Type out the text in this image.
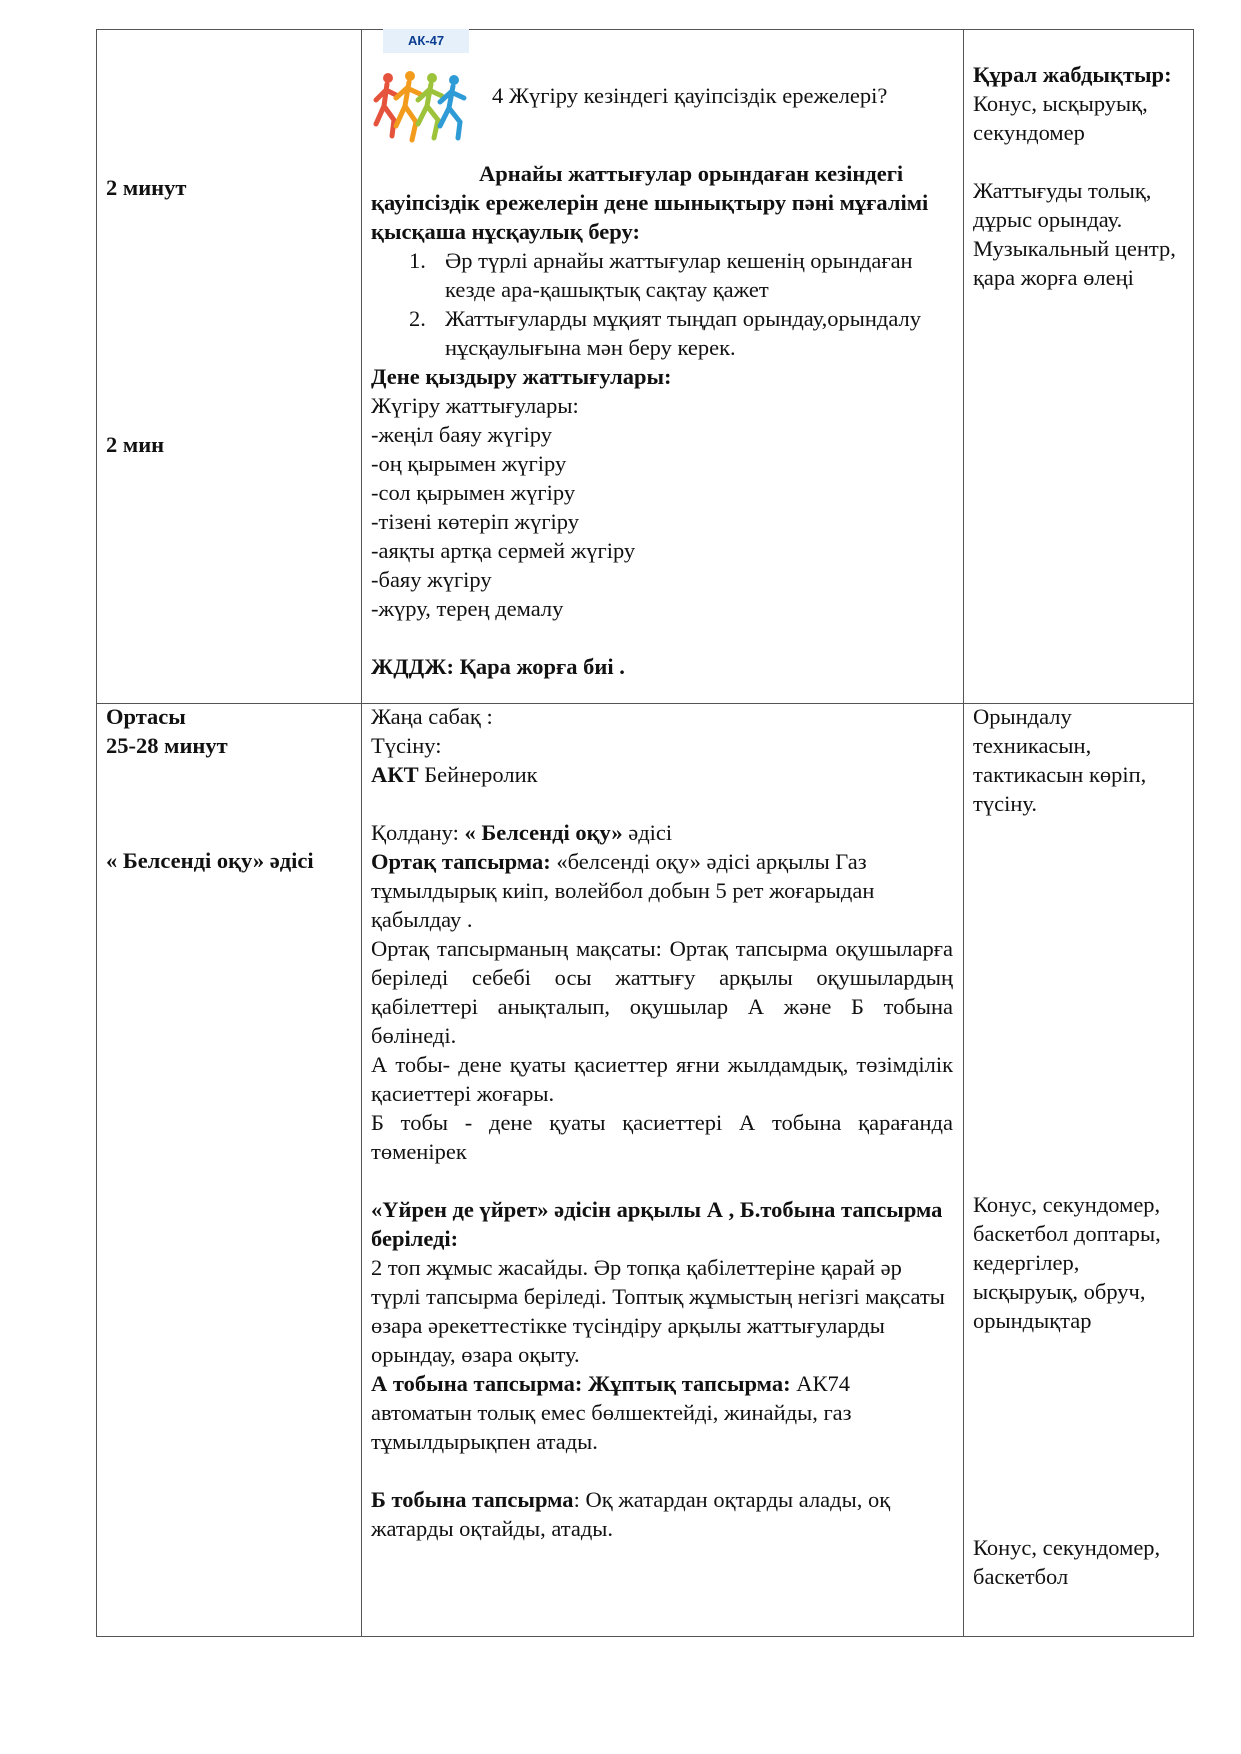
АК-47
4 Жүгіру кезіндегі қауіпсіздік ережелері?
2 минут
2 мин

Арнайы жаттығулар орындаған кезіндегі

қауіпсіздік ережелерін дене шынықтыру пәні мұғалімі қысқаша нұсқаулық беру:

1. Әр түрлі арнайы жаттығулар кешенің орындаған кезде ара-қашықтық сақтау қажет
2. Жаттығуларды мұқият тыңдап орындау,орындалу нұсқаулығына мән беру керек.

Дене қыздыру жаттығулары:

Жүгіру жаттығулары:

-жеңіл баяу жүгіру

-оң қырымен жүгіру

-сол қырымен жүгіру

-тізені көтеріп жүгіру

-аяқты артқа сермей жүгіру

-баяу жүгіру

-жүру, терең демалу

ЖДДЖ: Қара жорға биі .

Құрал жабдықтыр:

Конус, ысқыруық, секундомер

Жаттығуды толық, дұрыс орындау. Музыкальный центр, қара жорға өлеңі

Ортасы

25-28 минут

« Белсенді оқу» әдісі

Жаңа сабақ :

Түсіну:

АКТ Бейнеролик

Қолдану: « Белсенді оқу» әдісі

Ортақ тапсырма: «белсенді оқу» әдісі арқылы Газ тұмылдырық киіп, волейбол добын 5 рет жоғарыдан қабылдау .

Ортақ тапсырманың мақсаты: Ортақ тапсырма оқушыларға беріледі себебі осы жаттығу арқылы оқушылардың қабілеттері анықталып, оқушылар А және Б тобына бөлінеді.

А тобы- дене қуаты қасиеттер яғни жылдамдық, төзімділік қасиеттері жоғары.

Б тобы - дене қуаты қасиеттері А тобына қарағанда төменірек

«Үйрен де үйрет» әдісін арқылы А , Б.тобына тапсырма беріледі:

2 топ жұмыс жасайды. Әр топқа қабілеттеріне қарай әр түрлі тапсырма беріледі. Топтық жұмыстың негізгі мақсаты өзара әрекеттестікке түсіндіру арқылы жаттығуларды орындау, өзара оқыту.

А тобына тапсырма: Жұптық тапсырма: АК74 автоматын толық емес бөлшектейді, жинайды, газ тұмылдырықпен атады.

Б тобына тапсырма: Оқ жатардан оқтарды алады, оқ жатарды оқтайды, атады.

Орындалу техникасын, тактикасын көріп, түсіну.
Конус, секундомер, баскетбол доптары, кедергілер, ысқыруық, обруч, орындықтар
Конус, секундомер, баскетбол
